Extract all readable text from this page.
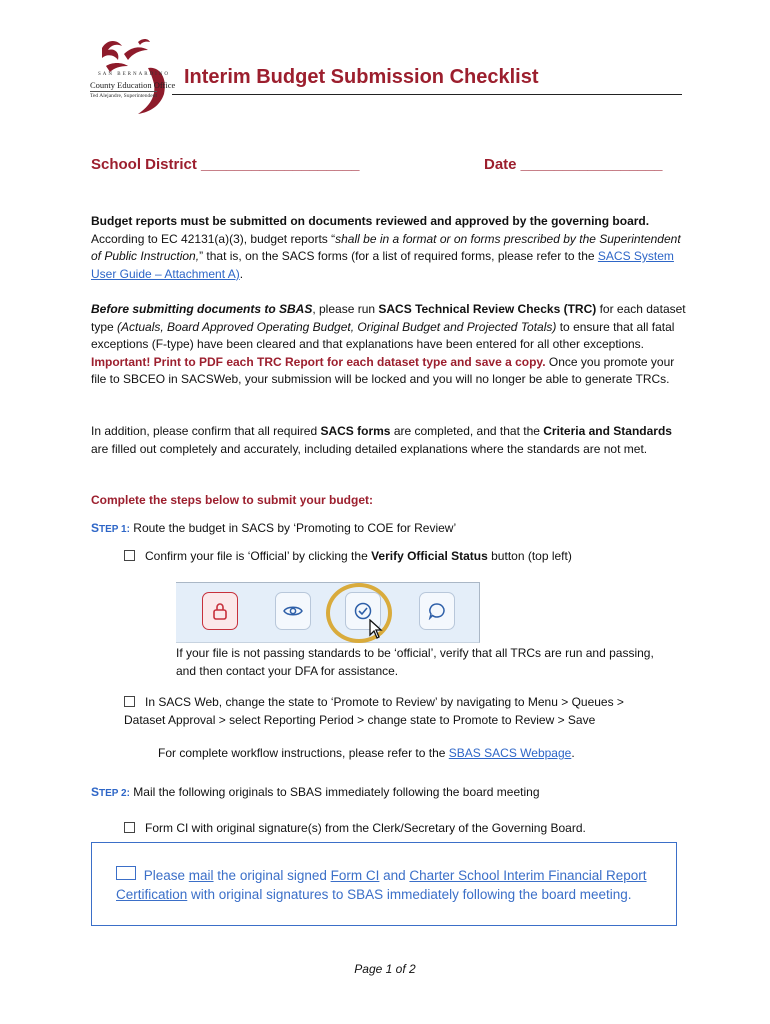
SAN BERNARDINO
County Education Office
Ted Alejandre, Superintendent
Interim Budget Submission Checklist
School District ___________________	Date _________________
Budget reports must be submitted on documents reviewed and approved by the governing board.
According to EC 42131(a)(3), budget reports “shall be in a format or on forms prescribed by the Superintendent of Public Instruction,” that is, on the SACS forms (for a list of required forms, please refer to the SACS System User Guide – Attachment A).
Before submitting documents to SBAS, please run SACS Technical Review Checks (TRC) for each dataset type (Actuals, Board Approved Operating Budget, Original Budget and Projected Totals) to ensure that all fatal exceptions (F-type) have been cleared and that explanations have been entered for all other exceptions. Important! Print to PDF each TRC Report for each dataset type and save a copy. Once you promote your file to SBCEO in SACSWeb, your submission will be locked and you will no longer be able to generate TRCs.
In addition, please confirm that all required SACS forms are completed, and that the Criteria and Standards are filled out completely and accurately, including detailed explanations where the standards are not met.
Complete the steps below to submit your budget:
STEP 1: Route the budget in SACS by ‘Promoting to COE for Review’
Confirm your file is ‘Official’ by clicking the Verify Official Status button (top left)
If your file is not passing standards to be ‘official’, verify that all TRCs are run and passing, and then contact your DFA for assistance.
In SACS Web, change the state to ‘Promote to Review’ by navigating to Menu > Queues > Dataset Approval > select Reporting Period > change state to Promote to Review > Save
For complete workflow instructions, please refer to the SBAS SACS Webpage.
STEP 2: Mail the following originals to SBAS immediately following the board meeting
Form CI with original signature(s) from the Clerk/Secretary of the Governing Board.
Please mail the original signed Form CI and Charter School Interim Financial Report Certification with original signatures to SBAS immediately following the board meeting.
Page 1 of 2
